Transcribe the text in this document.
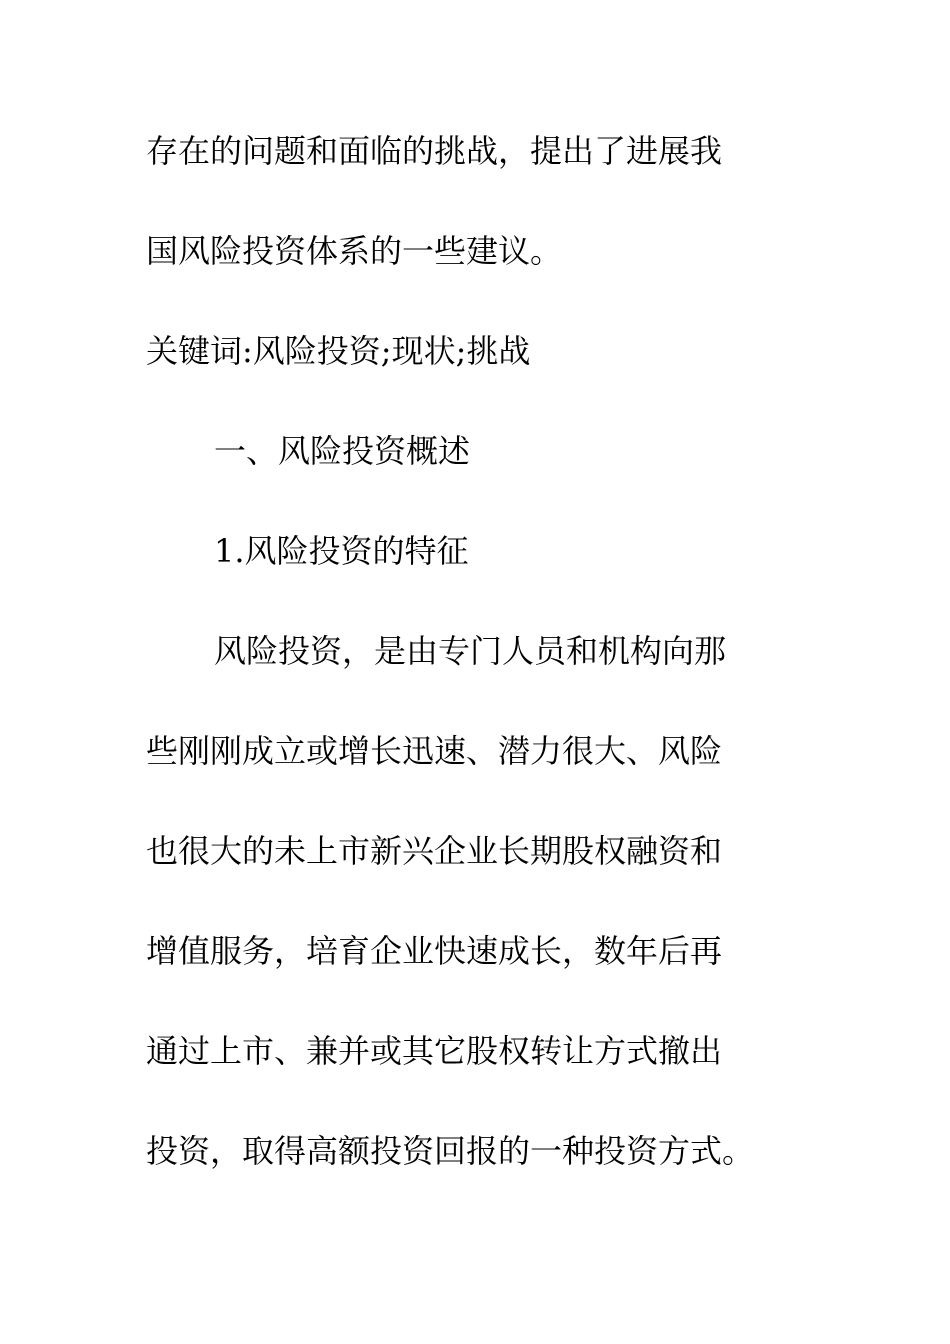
存在的问题和面临的挑战，提出了进展我
国风险投资体系的一些建议。
关键词:风险投资;现状;挑战
一、风险投资概述
1.风险投资的特征
风险投资，是由专门人员和机构向那
些刚刚成立或增长迅速、潜力很大、风险
也很大的未上市新兴企业长期股权融资和
增值服务，培育企业快速成长，数年后再
通过上市、兼并或其它股权转让方式撤出
投资，取得高额投资回报的一种投资方式。
